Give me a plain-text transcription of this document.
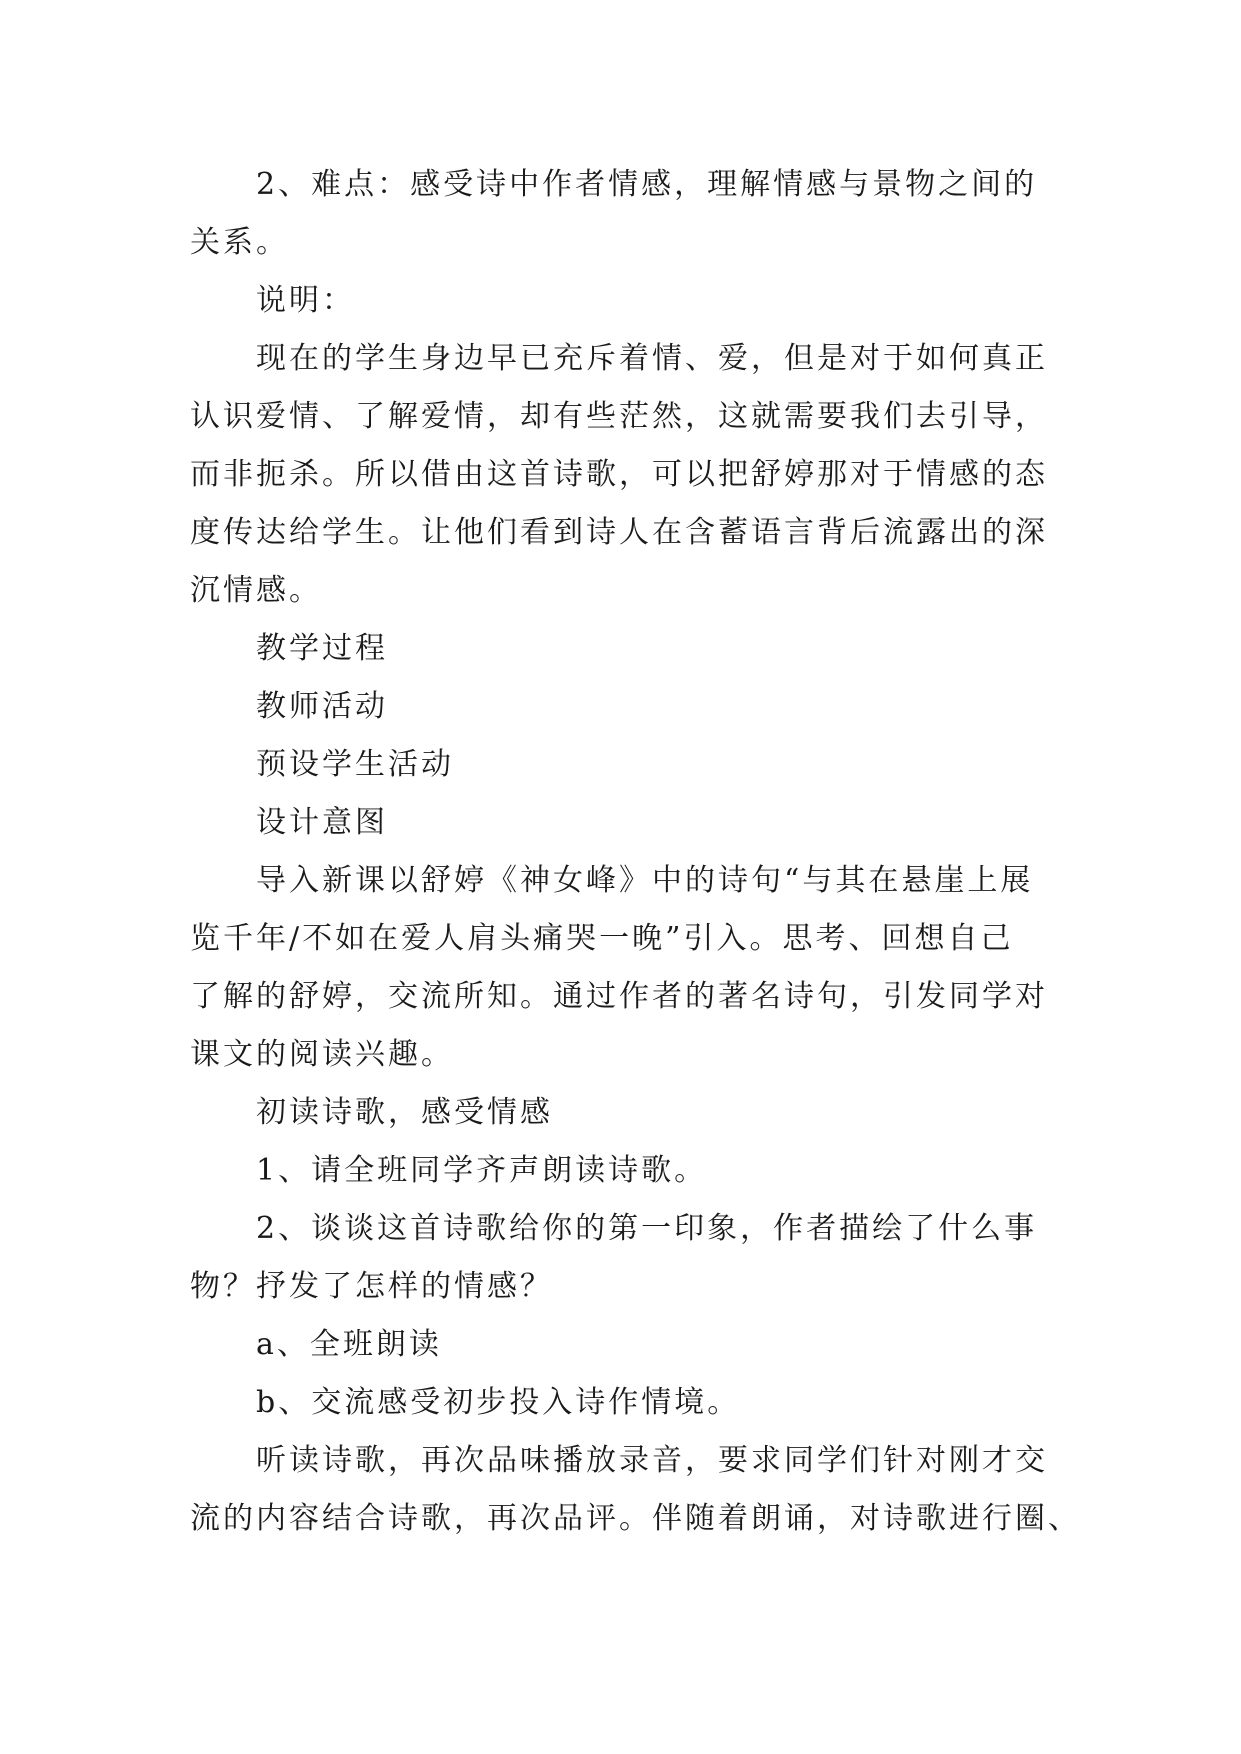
2、难点：感受诗中作者情感，理解情感与景物之间的
关系。
说明：
现在的学生身边早已充斥着情、爱，但是对于如何真正
认识爱情、了解爱情，却有些茫然，这就需要我们去引导，
而非扼杀。所以借由这首诗歌，可以把舒婷那对于情感的态
度传达给学生。让他们看到诗人在含蓄语言背后流露出的深
沉情感。
教学过程
教师活动
预设学生活动
设计意图
导入新课以舒婷《神女峰》中的诗句“与其在悬崖上展
览千年/不如在爱人肩头痛哭一晚”引入。思考、回想自己
了解的舒婷，交流所知。通过作者的著名诗句，引发同学对
课文的阅读兴趣。
初读诗歌，感受情感
1、请全班同学齐声朗读诗歌。
2、谈谈这首诗歌给你的第一印象，作者描绘了什么事
物？抒发了怎样的情感？
a、全班朗读
b、交流感受初步投入诗作情境。
听读诗歌，再次品味播放录音，要求同学们针对刚才交
流的内容结合诗歌，再次品评。伴随着朗诵，对诗歌进行圈、
